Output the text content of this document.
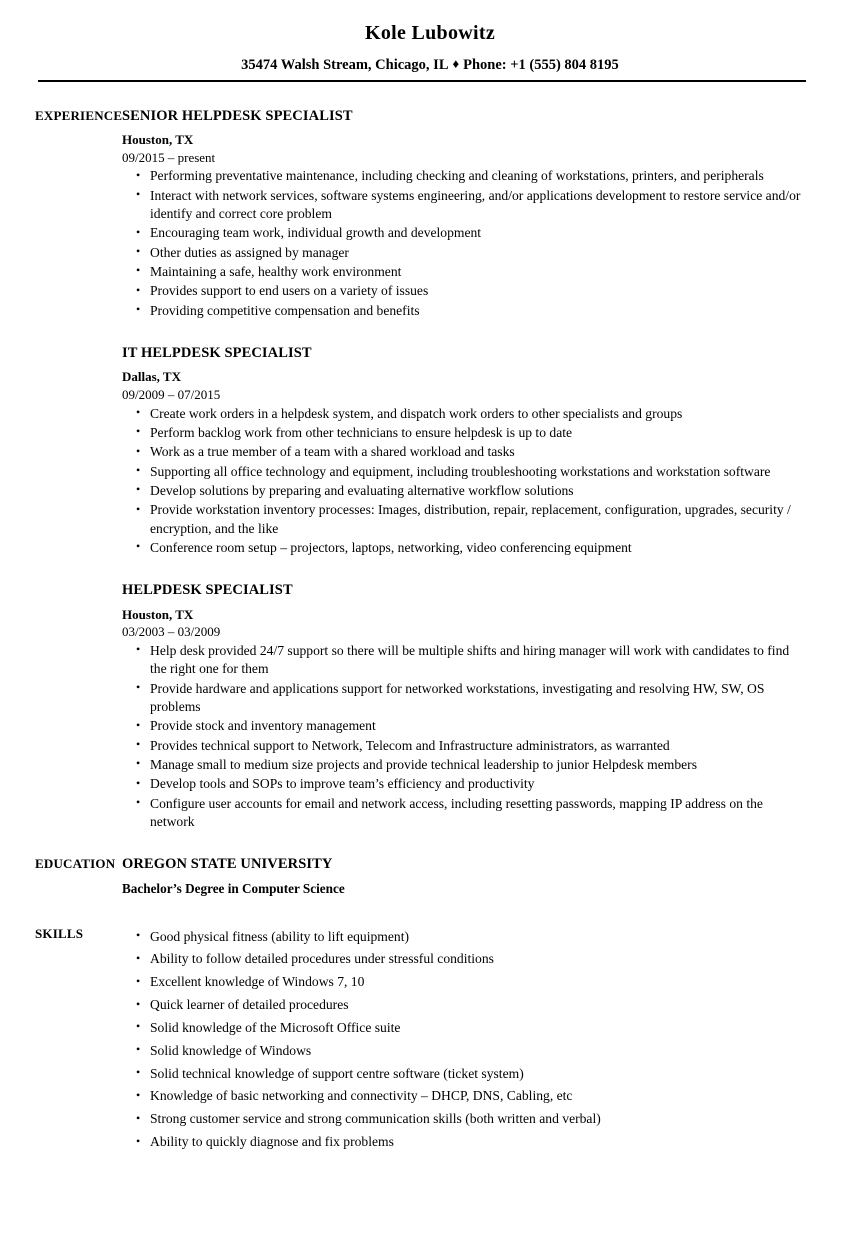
Kole Lubowitz
35474 Walsh Stream, Chicago, IL ♦ Phone: +1 (555) 804 8195
EXPERIENCE SENIOR HELPDESK SPECIALIST
Houston, TX
09/2015 – present
• Performing preventative maintenance, including checking and cleaning of workstations, printers, and peripherals
• Interact with network services, software systems engineering, and/or applications development to restore service and/or identify and correct core problem
• Encouraging team work, individual growth and development
• Other duties as assigned by manager
• Maintaining a safe, healthy work environment
• Provides support to end users on a variety of issues
• Providing competitive compensation and benefits
IT HELPDESK SPECIALIST
Dallas, TX
09/2009 – 07/2015
• Create work orders in a helpdesk system, and dispatch work orders to other specialists and groups
• Perform backlog work from other technicians to ensure helpdesk is up to date
• Work as a true member of a team with a shared workload and tasks
• Supporting all office technology and equipment, including troubleshooting workstations and workstation software
• Develop solutions by preparing and evaluating alternative workflow solutions
• Provide workstation inventory processes: Images, distribution, repair, replacement, configuration, upgrades, security / encryption, and the like
• Conference room setup – projectors, laptops, networking, video conferencing equipment
HELPDESK SPECIALIST
Houston, TX
03/2003 – 03/2009
• Help desk provided 24/7 support so there will be multiple shifts and hiring manager will work with candidates to find the right one for them
• Provide hardware and applications support for networked workstations, investigating and resolving HW, SW, OS problems
• Provide stock and inventory management
• Provides technical support to Network, Telecom and Infrastructure administrators, as warranted
• Manage small to medium size projects and provide technical leadership to junior Helpdesk members
• Develop tools and SOPs to improve team’s efficiency and productivity
• Configure user accounts for email and network access, including resetting passwords, mapping IP address on the network
EDUCATION OREGON STATE UNIVERSITY
Bachelor’s Degree in Computer Science
SKILLS	• Good physical fitness (ability to lift equipment)
• Ability to follow detailed procedures under stressful conditions
• Excellent knowledge of Windows 7, 10
• Quick learner of detailed procedures
• Solid knowledge of the Microsoft Office suite
• Solid knowledge of Windows
• Solid technical knowledge of support centre software (ticket system)
• Knowledge of basic networking and connectivity – DHCP, DNS, Cabling, etc
• Strong customer service and strong communication skills (both written and verbal)
• Ability to quickly diagnose and fix problems
